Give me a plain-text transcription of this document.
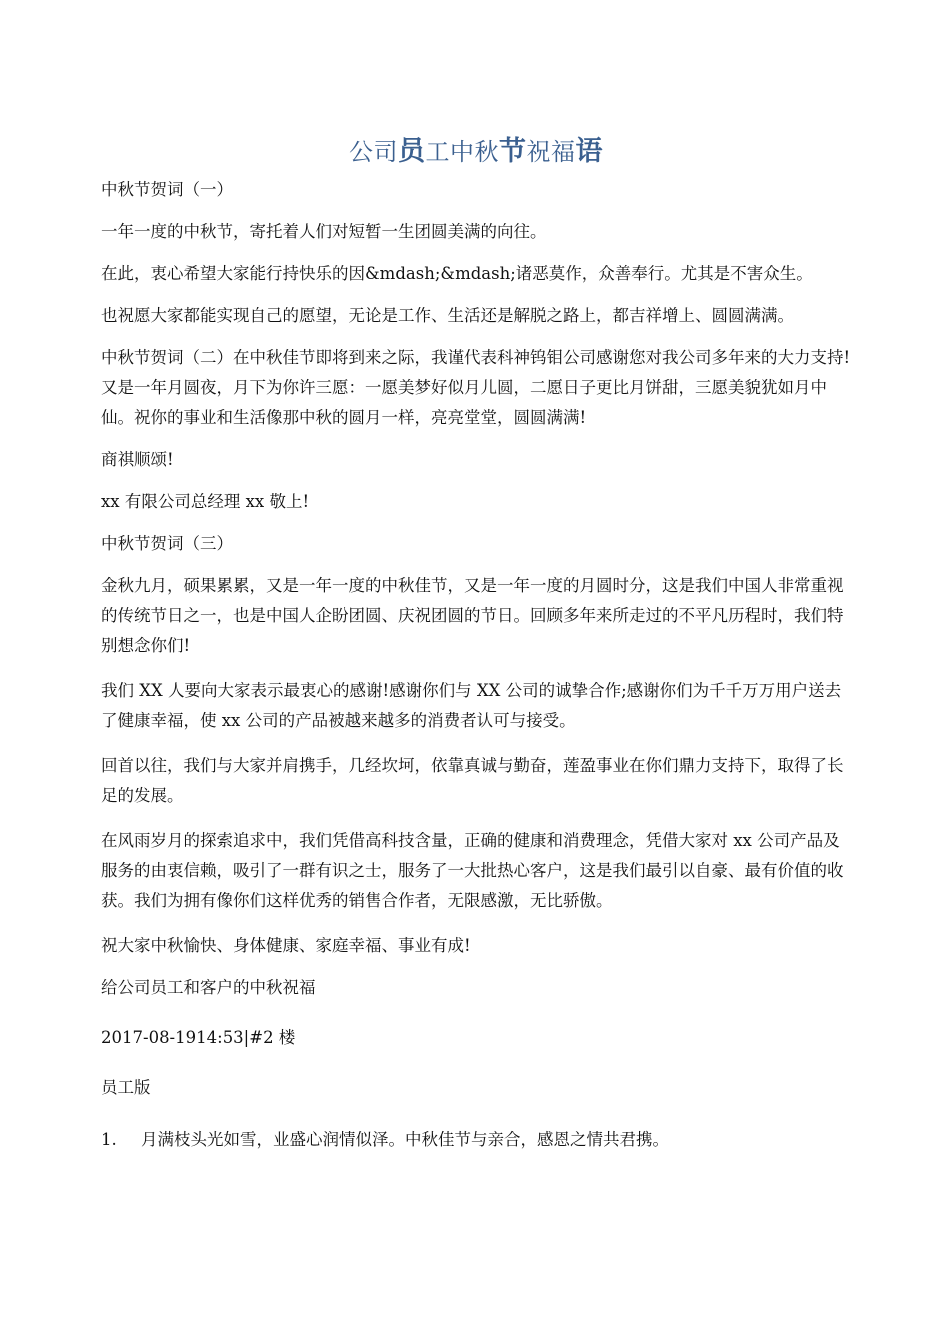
公司员工中秋节祝福语

中秋节贺词（一）

一年一度的中秋节，寄托着人们对短暂一生团圆美满的向往。

在此，衷心希望大家能行持快乐的因&mdash;&mdash;诸恶莫作，众善奉行。尤其是不害众生。

也祝愿大家都能实现自己的愿望，无论是工作、生活还是解脱之路上，都吉祥增上、圆圆满满。

中秋节贺词（二）在中秋佳节即将到来之际，我谨代表科神钨钼公司感谢您对我公司多年来的大力支持!又是一年月圆夜，月下为你许三愿：一愿美梦好似月儿圆，二愿日子更比月饼甜，三愿美貌犹如月中仙。祝你的事业和生活像那中秋的圆月一样，亮亮堂堂，圆圆满满!

商祺顺颂!

xx 有限公司总经理 xx 敬上!

中秋节贺词（三）

金秋九月，硕果累累，又是一年一度的中秋佳节，又是一年一度的月圆时分，这是我们中国人非常重视的传统节日之一，也是中国人企盼团圆、庆祝团圆的节日。回顾多年来所走过的不平凡历程时，我们特别想念你们!

我们 XX 人要向大家表示最衷心的感谢!感谢你们与 XX 公司的诚挚合作;感谢你们为千千万万用户送去了健康幸福，使 xx 公司的产品被越来越多的消费者认可与接受。

回首以往，我们与大家并肩携手，几经坎坷，依靠真诚与勤奋，莲盈事业在你们鼎力支持下，取得了长足的发展。

在风雨岁月的探索追求中，我们凭借高科技含量，正确的健康和消费理念，凭借大家对 xx 公司产品及服务的由衷信赖，吸引了一群有识之士，服务了一大批热心客户，这是我们最引以自豪、最有价值的收获。我们为拥有像你们这样优秀的销售合作者，无限感激，无比骄傲。

祝大家中秋愉快、身体健康、家庭幸福、事业有成!

给公司员工和客户的中秋祝福

2017-08-1914:53|#2 楼

员工版

1.	月满枝头光如雪，业盛心润情似泽。中秋佳节与亲合，感恩之情共君携。
